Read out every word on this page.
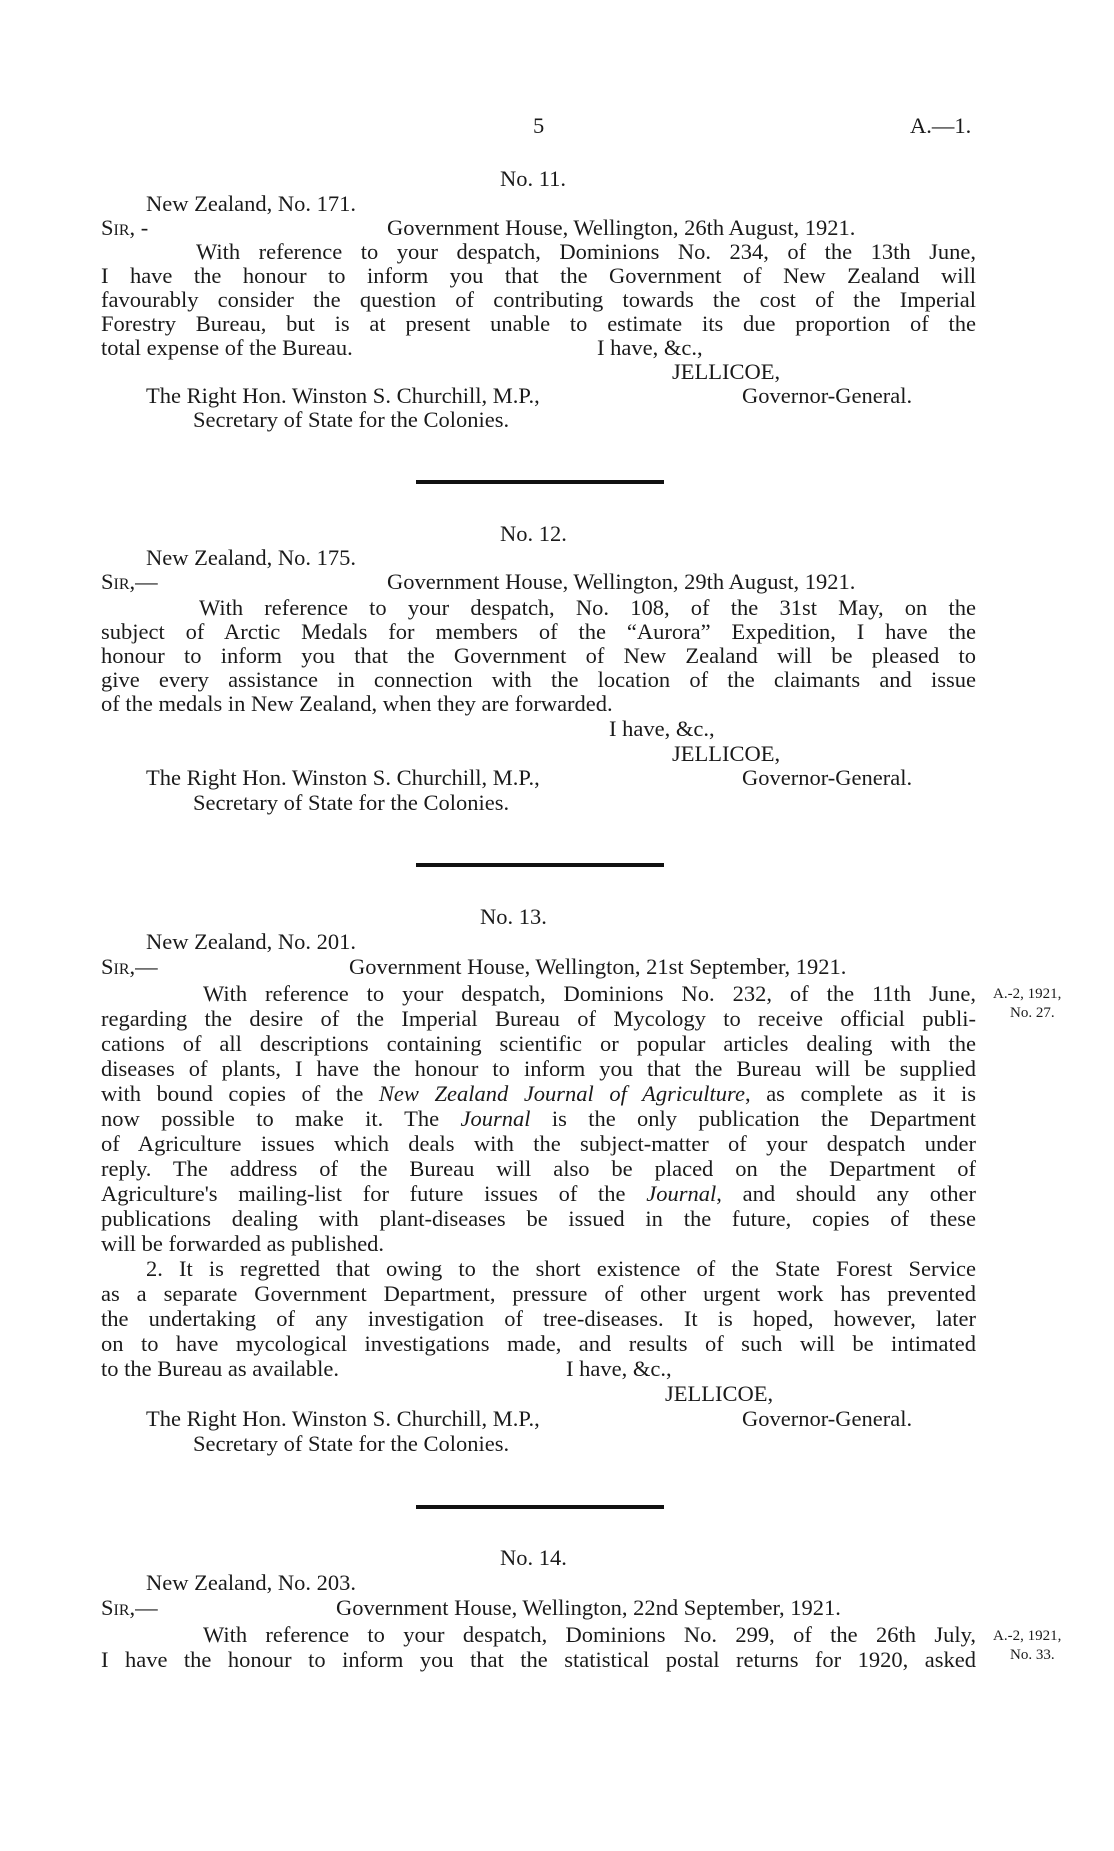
5	A.—1.
No. 11.
New Zealand, No. 171.
Sir, -	Government House, Wellington, 26th August, 1921.
With reference to your despatch, Dominions No. 234, of the 13th June,
I have the honour to inform you that the Government of New Zealand will
favourably consider the question of contributing towards the cost of the Imperial
Forestry Bureau, but is at present unable to estimate its due proportion of the
total expense of the Bureau.	I have, &c.,
JELLICOE,
The Right Hon. Winston S. Churchill, M.P.,	Governor-General.
Secretary of State for the Colonies.
No. 12.
New Zealand, No. 175.
Sir,—	Government House, Wellington, 29th August, 1921.
With reference to your despatch, No. 108, of the 31st May, on the
subject of Arctic Medals for members of the “Aurora” Expedition, I have the
honour to inform you that the Government of New Zealand will be pleased to
give every assistance in connection with the location of the claimants and issue
of the medals in New Zealand, when they are forwarded.
I have, &c.,
JELLICOE,
The Right Hon. Winston S. Churchill, M.P.,	Governor-General.
Secretary of State for the Colonies.
No. 13.
New Zealand, No. 201.
Sir,—	Government House, Wellington, 21st September, 1921.
A.-2, 1921,
No. 27.
With reference to your despatch, Dominions No. 232, of the 11th June,
regarding the desire of the Imperial Bureau of Mycology to receive official publi-
cations of all descriptions containing scientific or popular articles dealing with the
diseases of plants, I have the honour to inform you that the Bureau will be supplied
with bound copies of the New Zealand Journal of Agriculture, as complete as it is
now possible to make it. The Journal is the only publication the Department
of Agriculture issues which deals with the subject-matter of your despatch under
reply. The address of the Bureau will also be placed on the Department of
Agriculture's mailing-list for future issues of the Journal, and should any other
publications dealing with plant-diseases be issued in the future, copies of these
will be forwarded as published.
2. It is regretted that owing to the short existence of the State Forest Service
as a separate Government Department, pressure of other urgent work has prevented
the undertaking of any investigation of tree-diseases. It is hoped, however, later
on to have mycological investigations made, and results of such will be intimated
to the Bureau as available.	I have, &c.,
JELLICOE,
The Right Hon. Winston S. Churchill, M.P.,	Governor-General.
Secretary of State for the Colonies.
No. 14.
New Zealand, No. 203.
Sir,—	Government House, Wellington, 22nd September, 1921.
A.-2, 1921,
No. 33.
With reference to your despatch, Dominions No. 299, of the 26th July,
I have the honour to inform you that the statistical postal returns for 1920, asked
